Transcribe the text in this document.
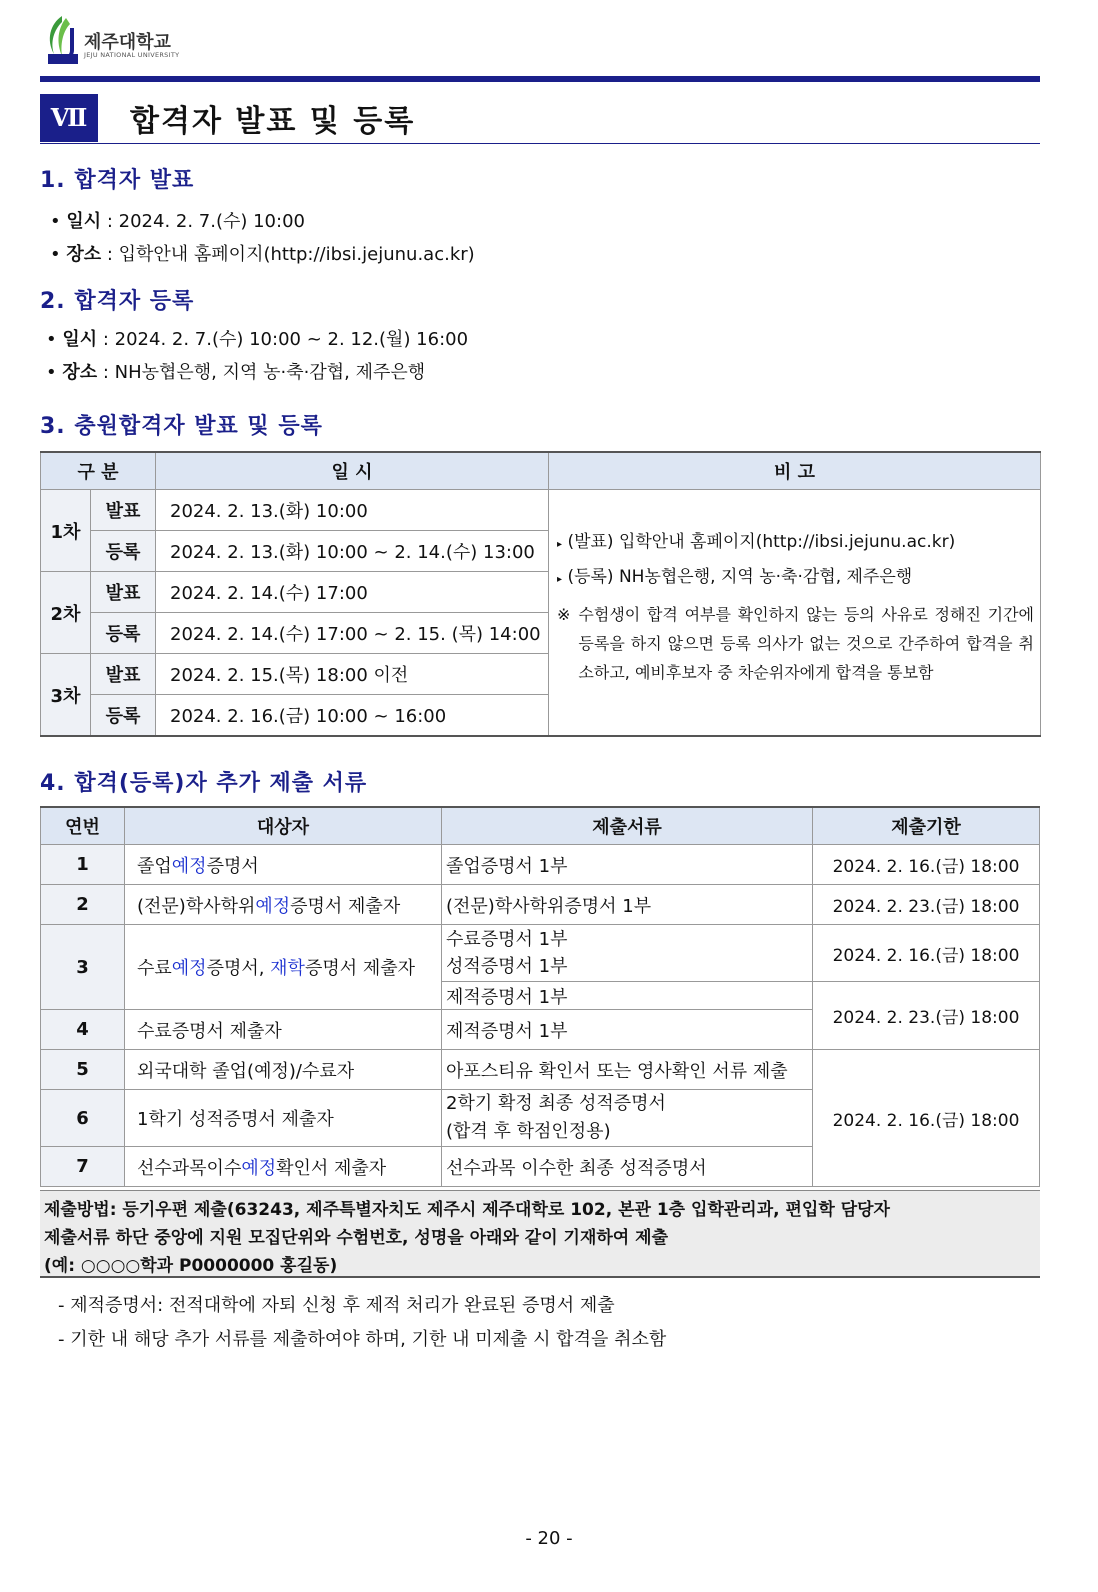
제주대학교
JEJU NATIONAL UNIVERSITY
Ⅶ	합격자 발표 및 등록
1. 합격자 발표
• 일시 : 2024. 2. 7.(수) 10:00
• 장소 : 입학안내 홈페이지(http://ibsi.jejunu.ac.kr)
2. 합격자 등록
• 일시 : 2024. 2. 7.(수) 10:00 ~ 2. 12.(월) 16:00
• 장소 : NH농협은행, 지역 농·축·감협, 제주은행
3. 충원합격자 발표 및 등록
구 분		일 시	비 고
1차	발표	2024. 2. 13.(화) 10:00	▸ (발표) 입학안내 홈페이지(http://ibsi.jejunu.ac.kr)
▸ (등록) NH농협은행, 지역 농·축·감협, 제주은행
※ 수험생이 합격 여부를 확인하지 않는 등의 사유로 정해진 기간에 등록을 하지 않으면 등록 의사가 없는 것으로 간주하여 합격을 취소하고, 예비후보자 중 차순위자에게 합격을 통보함

	등록	2024. 2. 13.(화) 10:00 ~ 2. 14.(수) 13:00	
2차	발표	2024. 2. 14.(수) 17:00	
	등록	2024. 2. 14.(수) 17:00 ~ 2. 15. (목) 14:00	
3차	발표	2024. 2. 15.(목) 18:00 이전	
	등록	2024. 2. 16.(금) 10:00 ~ 16:00	
4. 합격(등록)자 추가 제출 서류
연번	대상자	제출서류	제출기한
1	졸업예정증명서	졸업증명서 1부	2024. 2. 16.(금) 18:00
2	(전문)학사학위예정증명서 제출자	(전문)학사학위증명서 1부	2024. 2. 23.(금) 18:00
3	수료예정증명서, 재학증명서 제출자	수료증명서 1부
성적증명서 1부	2024. 2. 16.(금) 18:00
		제적증명서 1부	2024. 2. 23.(금) 18:00
4	수료증명서 제출자	제적증명서 1부	
5	외국대학 졸업(예정)/수료자	아포스티유 확인서 또는 영사확인 서류 제출	2024. 2. 16.(금) 18:00
6	1학기 성적증명서 제출자	2학기 확정 최종 성적증명서
(합격 후 학점인정용)	

7	선수과목이수예정확인서 제출자	선수과목 이수한 최종 성적증명서	
제출방법: 등기우편 제출(63243, 제주특별자치도 제주시 제주대학로 102, 본관 1층 입학관리과, 편입학 담당자
제출서류 하단 중앙에 지원 모집단위와 수험번호, 성명을 아래와 같이 기재하여 제출
(예: ○○○○학과 P0000000 홍길동)
- 제적증명서: 전적대학에 자퇴 신청 후 제적 처리가 완료된 증명서 제출
- 기한 내 해당 추가 서류를 제출하여야 하며, 기한 내 미제출 시 합격을 취소함
- 20 -
